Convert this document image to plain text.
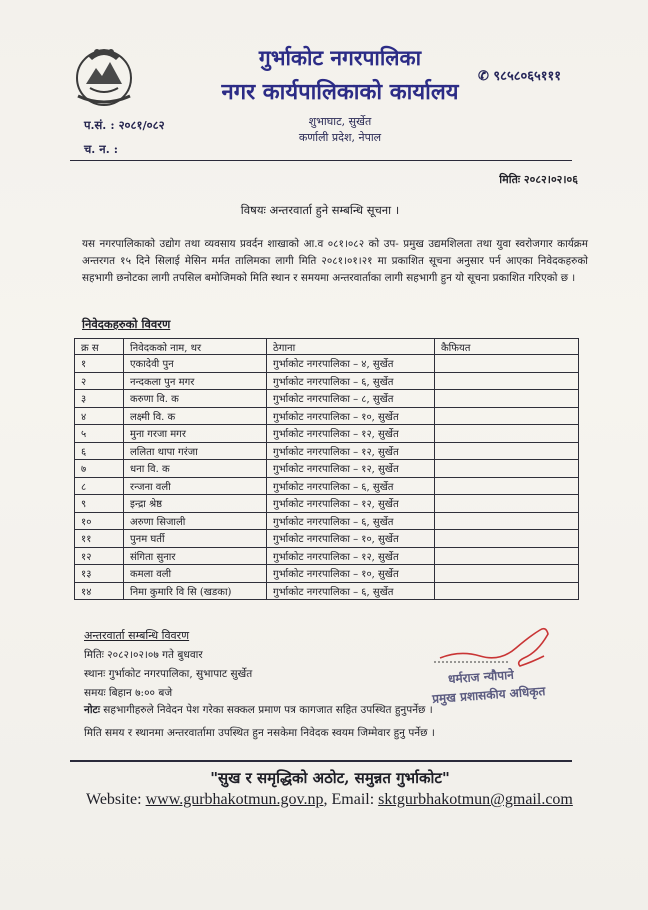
गुर्भाकोट नगरपालिका
नगर कार्यपालिकाको कार्यालय
शुभाघाट, सुर्खेत
कर्णाली प्रदेश, नेपाल
✆ ९८५८०६५१११
प.सं. : २०८१/०८२
च. न. :
मितिः २०८२।०२।०६
विषयः अन्तरवार्ता हुने सम्बन्धि सूचना ।
यस नगरपालिकाको उद्योग तथा व्यवसाय प्रवर्दन शाखाको आ.व ०८१।०८२ को उप- प्रमुख उद्यमशिलता तथा युवा स्वरोजगार कार्यक्रम अन्तरगत १५ दिने सिलाई मेसिन मर्मत तालिमका लागी मिति २०८१।०१।२१ मा प्रकाशित सूचना अनुसार पर्न आएका निवेदकहरुको सहभागी छनोटका लागी तपसिल बमोजिमको मिति स्थान र समयमा अन्तरवार्ताका लागी सहभागी हुन यो सूचना प्रकाशित गरिएको छ ।
निवेदकहरुको विवरण
क्र स	निवेदकको नाम, थर	ठेगाना	कैफियत
१	एकादेवी पुन	गुर्भाकोट नगरपालिका – ४, सुर्खेत	
२	नन्दकला पुन मगर	गुर्भाकोट नगरपालिका – ६, सुर्खेत	
३	करुणा वि. क	गुर्भाकोट नगरपालिका – ८, सुर्खेत	
४	लक्ष्मी वि. क	गुर्भाकोट नगरपालिका – १०, सुर्खेत	
५	मुना गरजा मगर	गुर्भाकोट नगरपालिका – १२, सुर्खेत	
६	ललिता थापा गरंजा	गुर्भाकोट नगरपालिका – १२, सुर्खेत	
७	धना वि. क	गुर्भाकोट नगरपालिका – १२, सुर्खेत	
८	रन्जना वली	गुर्भाकोट नगरपालिका – ६, सुर्खेत	
९	इन्द्रा श्रेष्ठ	गुर्भाकोट नगरपालिका – १२, सुर्खेत	
१०	अरुणा सिजाली	गुर्भाकोट नगरपालिका – ६, सुर्खेत	
११	पुनम घर्ती	गुर्भाकोट नगरपालिका – १०, सुर्खेत	
१२	संगिता सुनार	गुर्भाकोट नगरपालिका – १२, सुर्खेत	
१३	कमला वली	गुर्भाकोट नगरपालिका – १०, सुर्खेत	
१४	निमा कुमारि वि सि (खडका)	गुर्भाकोट नगरपालिका – ६, सुर्खेत	
अन्तरवार्ता सम्बन्धि विवरण
मितिः २०८२।०२।०७ गते बुधवार
स्थानः गुर्भाकोट नगरपालिका, सुभापाट सुर्खेत
समयः बिहान ७:०० बजे
नोटः सहभागीहरुले निवेदन पेश गरेका सक्कल प्रमाण पत्र कागजात सहित उपस्थित हुनुपर्नेछ ।
मिति समय र स्थानमा अन्तरवार्तामा उपस्थित हुन नसकेमा निवेदक स्वयम जिम्मेवार हुनु पर्नेछ ।
धर्मराज न्यौपाने
प्रमुख प्रशासकीय अधिकृत
"सुख र समृद्धिको अठोट, समुन्नत गुर्भाकोट"
Website: www.gurbhakotmun.gov.np, Email: sktgurbhakotmun@gmail.com
